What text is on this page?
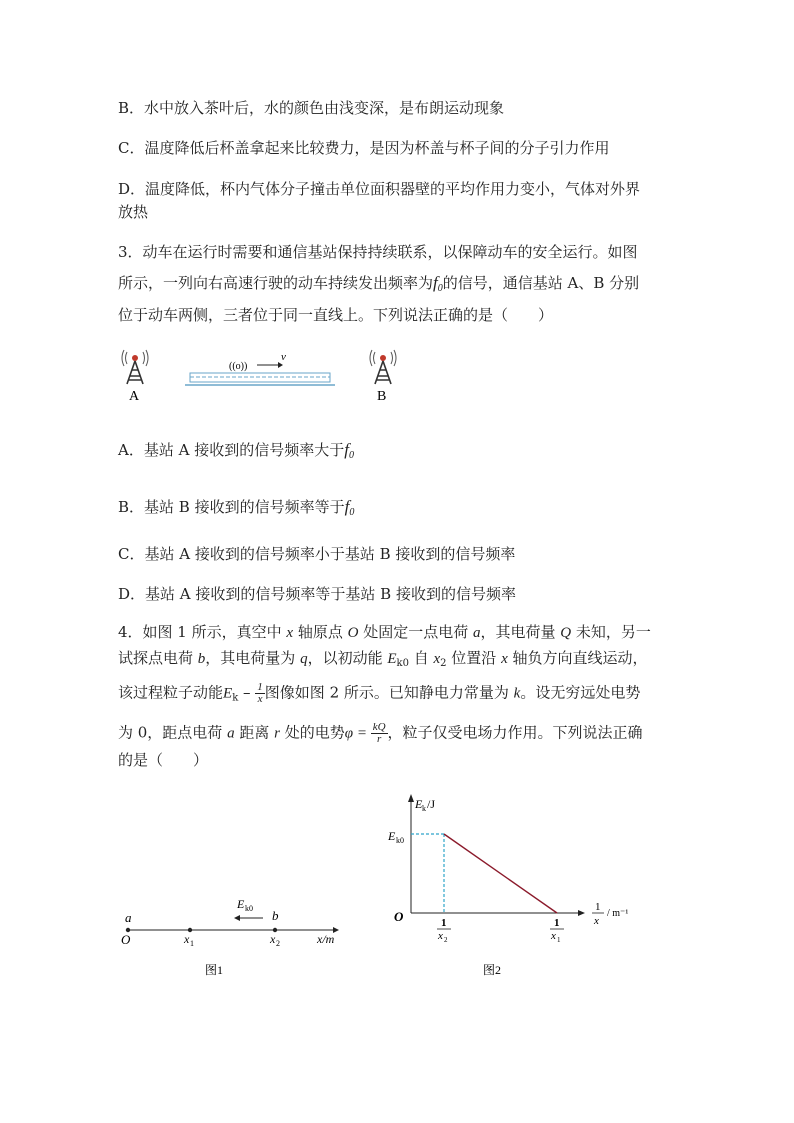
B．水中放入茶叶后，水的颜色由浅变深，是布朗运动现象
C．温度降低后杯盖拿起来比较费力，是因为杯盖与杯子间的分子引力作用
D．温度降低，杯内气体分子撞击单位面积器壁的平均作用力变小，气体对外界
放热
3．动车在运行时需要和通信基站保持持续联系，以保障动车的安全运行。如图
所示，一列向右高速行驶的动车持续发出频率为$f_0$的信号，通信基站 A、B 分别
位于动车两侧，三者位于同一直线上。下列说法正确的是（　　）
A
((o))
v
B
A．基站 A 接收到的信号频率大于$f_0$
B．基站 B 接收到的信号频率等于$f_0$
C．基站 A 接收到的信号频率小于基站 B 接收到的信号频率
D．基站 A 接收到的信号频率等于基站 B 接收到的信号频率
4．如图 1 所示，真空中 x 轴原点 O 处固定一点电荷 a，其电荷量 Q 未知，另一
试探点电荷 b，其电荷量为 q，以初动能 $E_{k0}$ 自 $x_2$ 位置沿 x 轴负方向直线运动，
该过程粒子动能$E_k - \frac{1}{x}$ 图像如图 2 所示。已知静电力常量为 k。设无穷远处电势
为 0，距点电荷 a 距离 r 处的电势$\varphi = \frac{kQ}{r}$ ，粒子仅受电场力作用。下列说法正确
的是（　　）
a	b
O	x 1	x 2	x/m
E k0
图1
E k /J
E k0
O	1
x 2
1
x 1
1
x
/ m⁻¹
图2
